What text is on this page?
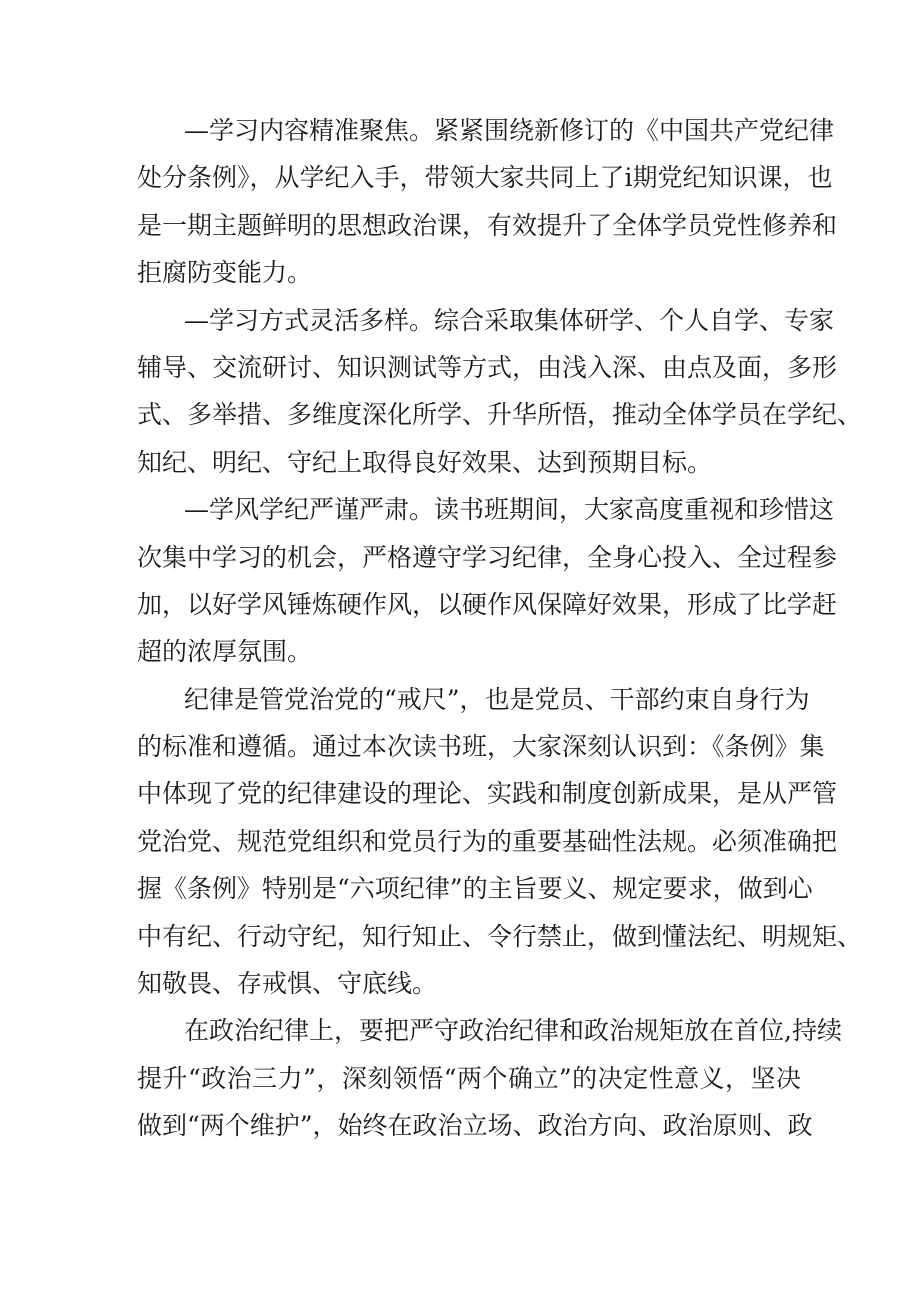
—学习内容精准聚焦。紧紧围绕新修订的《中国共产党纪律
处分条例》，从学纪入手，带领大家共同上了i期党纪知识课，也
是一期主题鲜明的思想政治课，有效提升了全体学员党性修养和
拒腐防变能力。
—学习方式灵活多样。综合采取集体研学、个人自学、专家
辅导、交流研讨、知识测试等方式，由浅入深、由点及面，多形
式、多举措、多维度深化所学、升华所悟，推动全体学员在学纪、
知纪、明纪、守纪上取得良好效果、达到预期目标。
—学风学纪严谨严肃。读书班期间，大家高度重视和珍惜这
次集中学习的机会，严格遵守学习纪律，全身心投入、全过程参
加，以好学风锤炼硬作风，以硬作风保障好效果，形成了比学赶
超的浓厚氛围。
纪律是管党治党的“戒尺”，也是党员、干部约束自身行为
的标准和遵循。通过本次读书班，大家深刻认识到：《条例》集
中体现了党的纪律建设的理论、实践和制度创新成果，是从严管
党治党、规范党组织和党员行为的重要基础性法规。必须准确把
握《条例》特别是“六项纪律”的主旨要义、规定要求，做到心
中有纪、行动守纪，知行知止、令行禁止，做到懂法纪、明规矩、
知敬畏、存戒惧、守底线。
在政治纪律上，要把严守政治纪律和政治规矩放在首位,持续
提升“政治三力”，深刻领悟“两个确立”的决定性意义，坚决
做到“两个维护”，始终在政治立场、政治方向、政治原则、政
